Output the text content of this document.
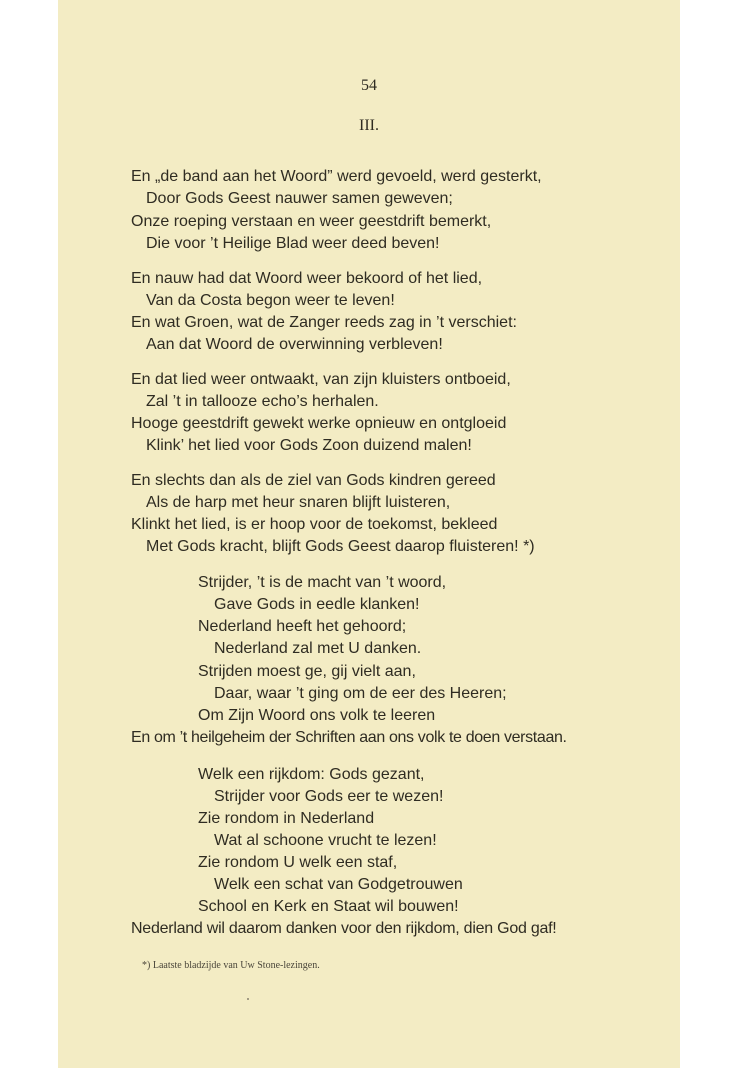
54
III.
En „de band aan het Woord” werd gevoeld, werd gesterkt,
Door Gods Geest nauwer samen geweven;
Onze roeping verstaan en weer geestdrift bemerkt,
Die voor ’t Heilige Blad weer deed beven!
En nauw had dat Woord weer bekoord of het lied,
Van da Costa begon weer te leven!
En wat Groen, wat de Zanger reeds zag in ’t verschiet:
Aan dat Woord de overwinning verbleven!
En dat lied weer ontwaakt, van zijn kluisters ontboeid,
Zal ’t in tallooze echo’s herhalen.
Hooge geestdrift gewekt werke opnieuw en ontgloeid
Klink’ het lied voor Gods Zoon duizend malen!
En slechts dan als de ziel van Gods kindren gereed
Als de harp met heur snaren blijft luisteren,
Klinkt het lied, is er hoop voor de toekomst, bekleed
Met Gods kracht, blijft Gods Geest daarop fluisteren! *)
Strijder, ’t is de macht van ’t woord,
Gave Gods in eedle klanken!
Nederland heeft het gehoord;
Nederland zal met U danken.
Strijden moest ge, gij vielt aan,
Daar, waar ’t ging om de eer des Heeren;
Om Zijn Woord ons volk te leeren
En om ’t heilgeheim der Schriften aan ons volk te doen verstaan.
Welk een rijkdom: Gods gezant,
Strijder voor Gods eer te wezen!
Zie rondom in Nederland
Wat al schoone vrucht te lezen!
Zie rondom U welk een staf,
Welk een schat van Godgetrouwen
School en Kerk en Staat wil bouwen!
Nederland wil daarom danken voor den rijkdom, dien God gaf!
*) Laatste bladzijde van Uw Stone-lezingen.
